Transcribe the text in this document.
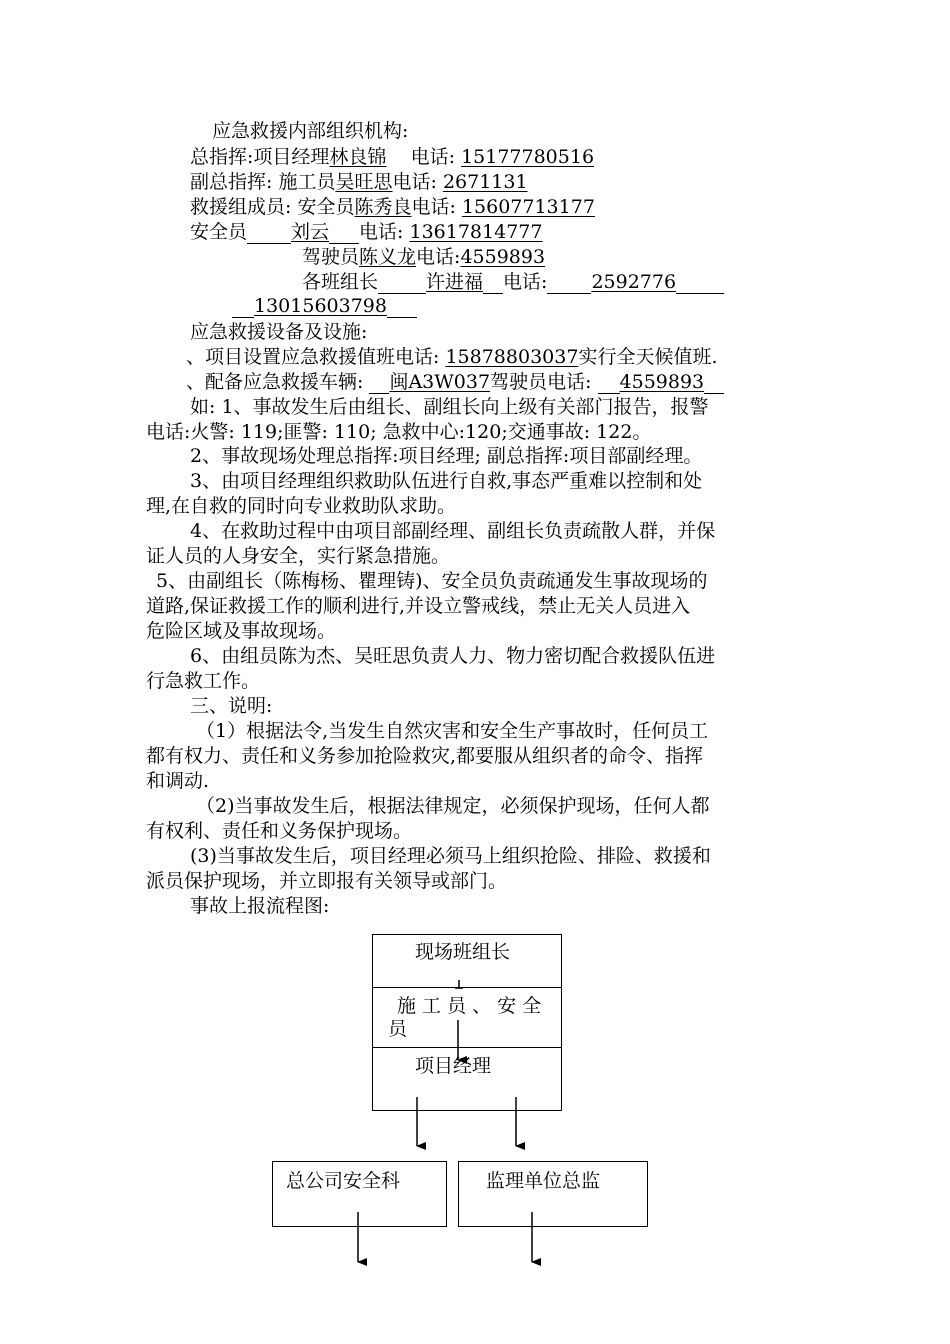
应急救援内部组织机构:
总指挥:项目经理林良锦 电话: 15177780516
副总指挥: 施工员吴旺思电话: 2671131
救援组成员: 安全员陈秀良电话: 15607713177
安全员 刘云 电话: 13617814777
驾驶员陈义龙电话:4559893
各班组长	许进福 电话: 2592776
13015603798
应急救援设备及设施:
、项目设置应急救援值班电话: 15878803037实行全天候值班.
、配备应急救援车辆: 闽A3W037驾驶员电话: 4559893
如: 1、事故发生后由组长、副组长向上级有关部门报告，报警
电话:火警: 119;匪警: 110; 急救中心:120;交通事故: 122。
2、事故现场处理总指挥:项目经理; 副总指挥:项目部副经理。
3、由项目经理组织救助队伍进行自救,事态严重难以控制和处
理,在自救的同时向专业救助队求助。
4、在救助过程中由项目部副经理、副组长负责疏散人群，并保
证人员的人身安全，实行紧急措施。
5、由副组长（陈梅杨、瞿理铸)、安全员负责疏通发生事故现场的
道路,保证救援工作的顺利进行,并设立警戒线，禁止无关人员进入
危险区域及事故现场。
6、由组员陈为杰、吴旺思负责人力、物力密切配合救援队伍进
行急救工作。
三、说明:
（1）根据法令,当发生自然灾害和安全生产事故时，任何员工
都有权力、责任和义务参加抢险救灾,都要服从组织者的命令、指挥
和调动.
（2)当事故发生后，根据法律规定，必须保护现场，任何人都
有权利、责任和义务保护现场。
(3)当事故发生后，项目经理必须马上组织抢险、排险、救援和
派员保护现场，并立即报有关领导或部门。
事故上报流程图:
现场班组长
施 工 员 、 安 全
员
项目经理
总公司安全科	监理单位总监
